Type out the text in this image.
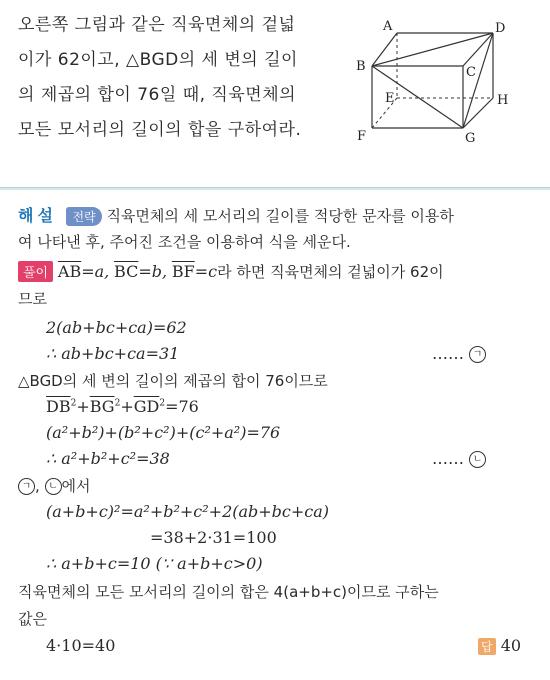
오른쪽 그림과 같은 직육면체의 겉넓
이가 62이고, △BGD의 세 변의 길이
의 제곱의 합이 76일 때, 직육면체의
모든 모서리의 길이의 합을 구하여라.
A	D
B	C
E	H
F	G
해설 전략 직육면체의 세 모서리의 길이를 적당한 문자를 이용하
여 나타낸 후, 주어진 조건을 이용하여 식을 세운다.
풀이 $\overline{AB}=a$, $\overline{BC}=b$, $\overline{BF}=c$라 하면 직육면체의 겉넓이가 62이
므로
2(ab+bc+ca)=62
∴ ab+bc+ca=31	…… ㄱ
△BGD의 세 변의 길이의 제곱의 합이 76이므로
$\overline{DB}^2+\overline{BG}^2+\overline{GD}^2=76$
(a²+b²)+(b²+c²)+(c²+a²)=76
∴ a²+b²+c²=38	…… ㄴ
ㄱ , ㄴ 에서
(a+b+c)²=a²+b²+c²+2(ab+bc+ca)
=38+2·31=100
∴ a+b+c=10 (∵ a+b+c>0)
직육면체의 모든 모서리의 길이의 합은 4(a+b+c)이므로 구하는
값은
4·10=40	답 40
